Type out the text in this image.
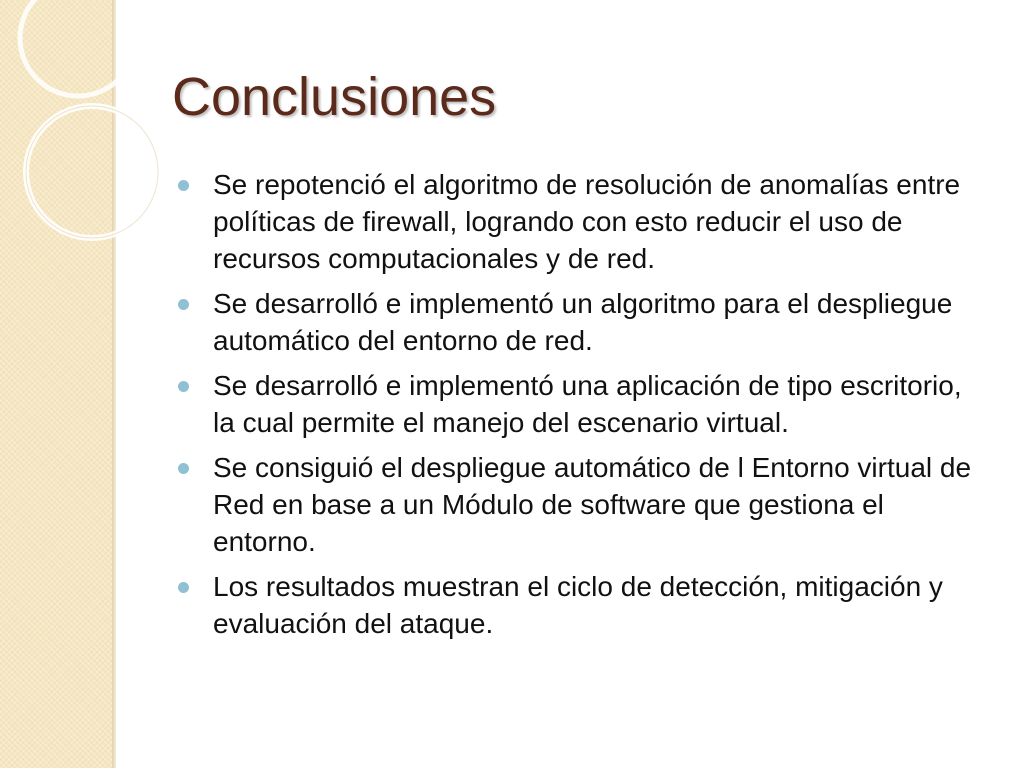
Conclusiones
Se repotenció el algoritmo de resolución de anomalías entre políticas de firewall, logrando con esto reducir el uso de recursos computacionales y de red.
Se desarrolló e implementó un algoritmo para el despliegue automático del entorno de red.
Se desarrolló e implementó una aplicación de tipo escritorio, la cual permite el manejo del escenario virtual.
Se consiguió el despliegue automático de l Entorno virtual de Red en base a un Módulo de software que gestiona el entorno.
Los resultados muestran el ciclo de detección, mitigación y evaluación del ataque.
